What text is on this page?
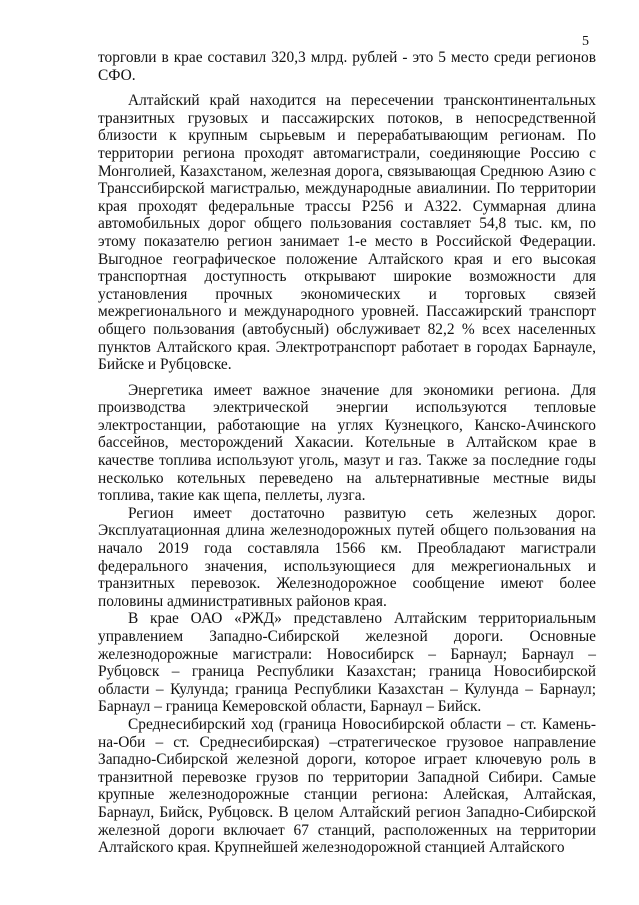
5

торговли в крае составил 320,3 млрд. рублей - это 5 место среди регионов СФО.

Алтайский край находится на пересечении трансконтинентальных транзитных грузовых и пассажирских потоков, в непосредственной близости к крупным сырьевым и перерабатывающим регионам. По территории региона проходят автомагистрали, соединяющие Россию с Монголией, Казахстаном, железная дорога, связывающая Среднюю Азию с Транссибирской магистралью, международные авиалинии. По территории края проходят федеральные трассы Р256 и А322. Суммарная длина автомобильных дорог общего пользования составляет 54,8 тыс. км, по этому показателю регион занимает 1-е место в Российской Федерации. Выгодное географическое положение Алтайского края и его высокая транспортная доступность открывают широкие возможности для установления прочных экономических и торговых связей межрегионального и международного уровней. Пассажирский транспорт общего пользования (автобусный) обслуживает 82,2 % всех населенных пунктов Алтайского края. Электротранспорт работает в городах Барнауле, Бийске и Рубцовске.

Энергетика имеет важное значение для экономики региона. Для производства электрической энергии используются тепловые электростанции, работающие на углях Кузнецкого, Канско-Ачинского бассейнов, месторождений Хакасии. Котельные в Алтайском крае в качестве топлива используют уголь, мазут и газ. Также за последние годы несколько котельных переведено на альтернативные местные виды топлива, такие как щепа, пеллеты, лузга.

Регион имеет достаточно развитую сеть железных дорог. Эксплуатационная длина железнодорожных путей общего пользования на начало 2019 года составляла 1566 км. Преобладают магистрали федерального значения, использующиеся для межрегиональных и транзитных перевозок. Железнодорожное сообщение имеют более половины административных районов края.

В крае ОАО «РЖД» представлено Алтайским территориальным управлением Западно-Сибирской железной дороги. Основные железнодорожные магистрали: Новосибирск – Барнаул; Барнаул – Рубцовск – граница Республики Казахстан; граница Новосибирской области – Кулунда; граница Республики Казахстан – Кулунда – Барнаул; Барнаул – граница Кемеровской области, Барнаул – Бийск.

Среднесибирский ход (граница Новосибирской области – ст. Камень-на-Оби – ст. Среднесибирская) –стратегическое грузовое направление Западно-Сибирской железной дороги, которое играет ключевую роль в транзитной перевозке грузов по территории Западной Сибири. Самые крупные железнодорожные станции региона: Алейская, Алтайская, Барнаул, Бийск, Рубцовск. В целом Алтайский регион Западно-Сибирской железной дороги включает 67 станций, расположенных на территории Алтайского края. Крупнейшей железнодорожной станцией Алтайского
